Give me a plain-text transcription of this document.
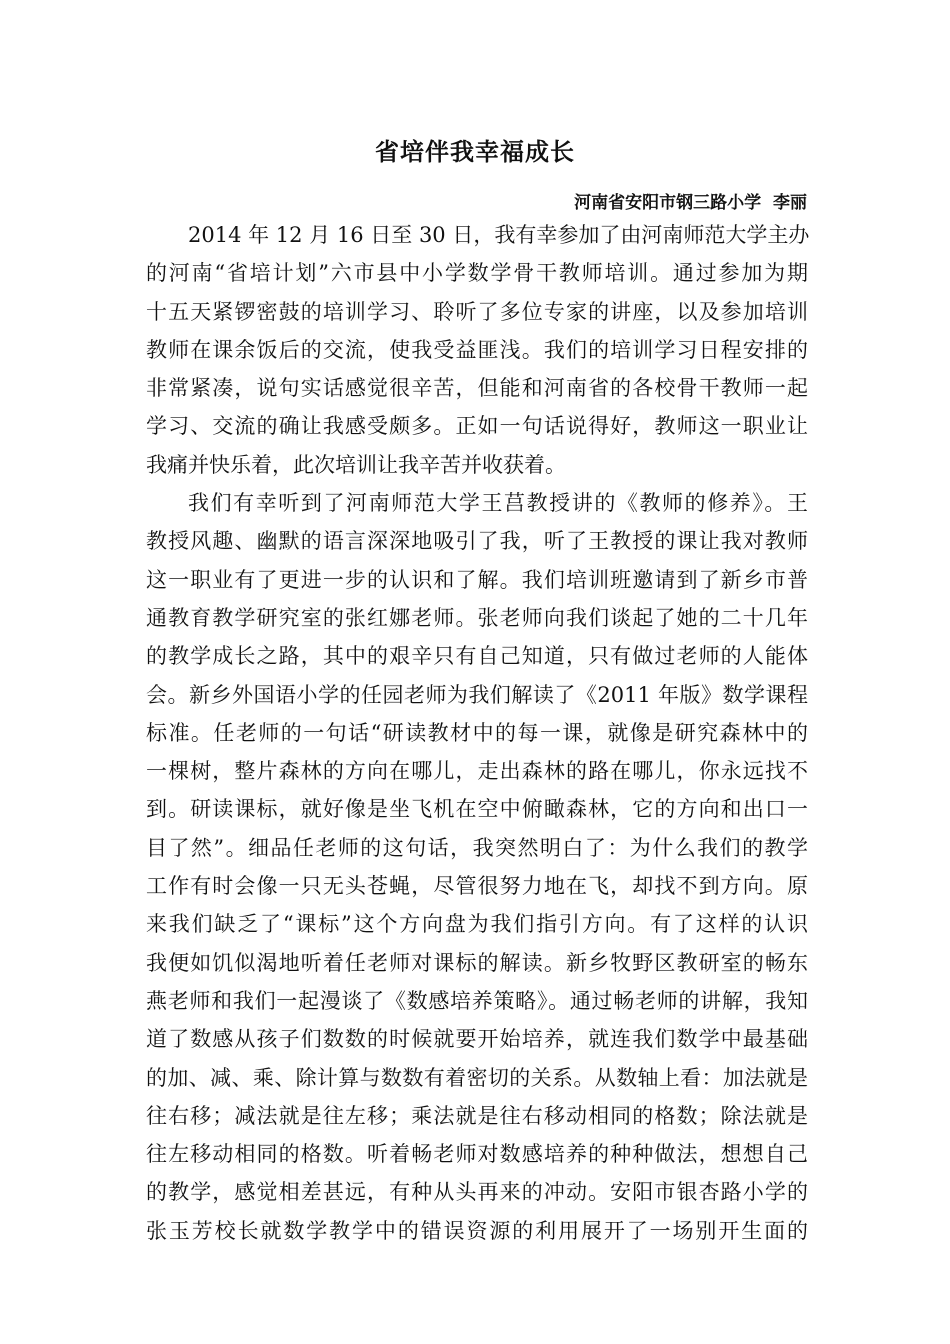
省培伴我幸福成长

河南省安阳市钢三路小学  李丽

2014 年 12 月 16 日至 30 日，我有幸参加了由河南师范大学主办
的河南“省培计划”六市县中小学数学骨干教师培训。通过参加为期
十五天紧锣密鼓的培训学习、聆听了多位专家的讲座，以及参加培训
教师在课余饭后的交流，使我受益匪浅。我们的培训学习日程安排的
非常紧凑，说句实话感觉很辛苦，但能和河南省的各校骨干教师一起
学习、交流的确让我感受颇多。正如一句话说得好，教师这一职业让
我痛并快乐着，此次培训让我辛苦并收获着。
我们有幸听到了河南师范大学王莒教授讲的《教师的修养》。王
教授风趣、幽默的语言深深地吸引了我，听了王教授的课让我对教师
这一职业有了更进一步的认识和了解。我们培训班邀请到了新乡市普
通教育教学研究室的张红娜老师。张老师向我们谈起了她的二十几年
的教学成长之路，其中的艰辛只有自己知道，只有做过老师的人能体
会。新乡外国语小学的任园老师为我们解读了《2011 年版》数学课程
标准。任老师的一句话“研读教材中的每一课，就像是研究森林中的
一棵树，整片森林的方向在哪儿，走出森林的路在哪儿，你永远找不
到。研读课标，就好像是坐飞机在空中俯瞰森林，它的方向和出口一
目了然”。细品任老师的这句话，我突然明白了：为什么我们的教学
工作有时会像一只无头苍蝇，尽管很努力地在飞，却找不到方向。原
来我们缺乏了“课标”这个方向盘为我们指引方向。有了这样的认识
我便如饥似渴地听着任老师对课标的解读。新乡牧野区教研室的畅东
燕老师和我们一起漫谈了《数感培养策略》。通过畅老师的讲解，我知
道了数感从孩子们数数的时候就要开始培养，就连我们数学中最基础
的加、减、乘、除计算与数数有着密切的关系。从数轴上看：加法就是
往右移；减法就是往左移；乘法就是往右移动相同的格数；除法就是
往左移动相同的格数。听着畅老师对数感培养的种种做法，想想自己
的教学，感觉相差甚远，有种从头再来的冲动。安阳市银杏路小学的
张玉芳校长就数学教学中的错误资源的利用展开了一场别开生面的
